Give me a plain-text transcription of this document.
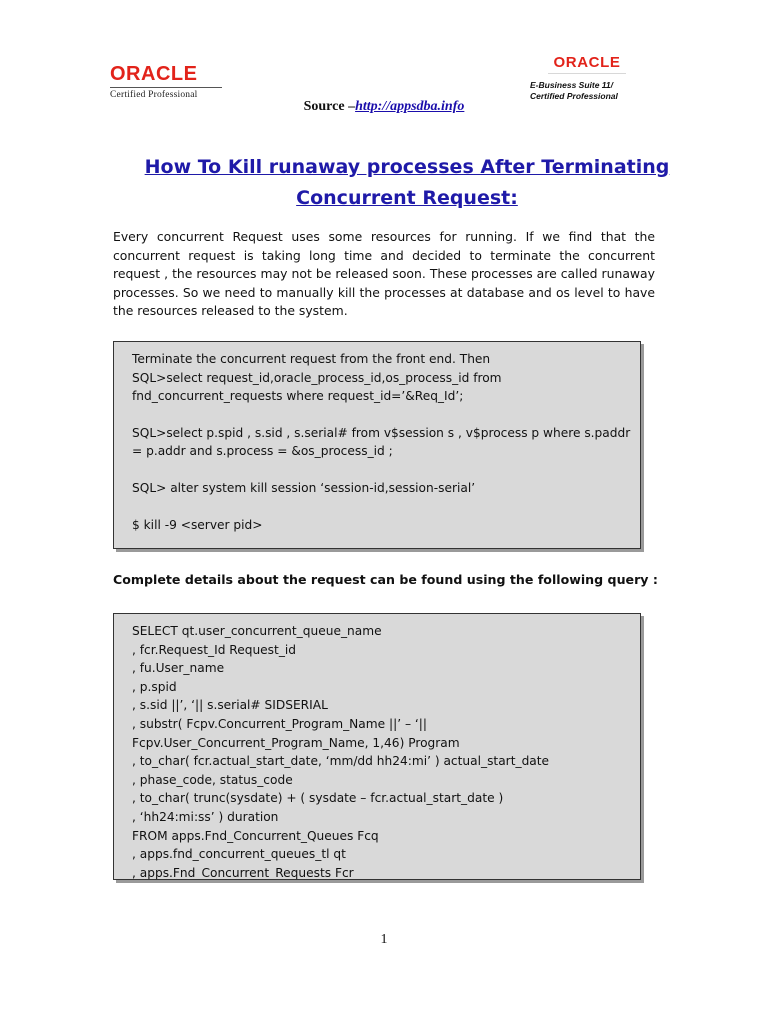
ORACLE
Certified Professional
ORACLE
E-Business Suite 11/
Certified Professional
Source –http://appsdba.info
How To Kill runaway processes After Terminating
Concurrent Request:
Every concurrent Request uses some resources for running. If we find that the concurrent request is taking long time and decided to terminate the concurrent request , the resources may not be released soon. These processes are called runaway processes. So we need to manually kill the processes at database and os level to have the resources released to the system.

Terminate the concurrent request from the front end. Then

SQL>select request_id,oracle_process_id,os_process_id from

fnd_concurrent_requests where request_id=’&Req_Id’;

SQL>select p.spid , s.sid , s.serial# from v$session s , v$process p where s.paddr

= p.addr and s.process = &os_process_id ;

SQL> alter system kill session ‘session-id,session-serial’

$ kill -9 <server pid>

Complete details about the request can be found using the following query :

SELECT qt.user_concurrent_queue_name

, fcr.Request_Id Request_id

, fu.User_name

, p.spid

, s.sid ||’, ‘|| s.serial# SIDSERIAL

, substr( Fcpv.Concurrent_Program_Name ||’ – ‘||

Fcpv.User_Concurrent_Program_Name, 1,46) Program

, to_char( fcr.actual_start_date, ‘mm/dd hh24:mi’ ) actual_start_date

, phase_code, status_code

, to_char( trunc(sysdate) + ( sysdate – fcr.actual_start_date )

, ‘hh24:mi:ss’ ) duration

FROM apps.Fnd_Concurrent_Queues Fcq

, apps.fnd_concurrent_queues_tl qt

, apps.Fnd_Concurrent_Requests Fcr

1
